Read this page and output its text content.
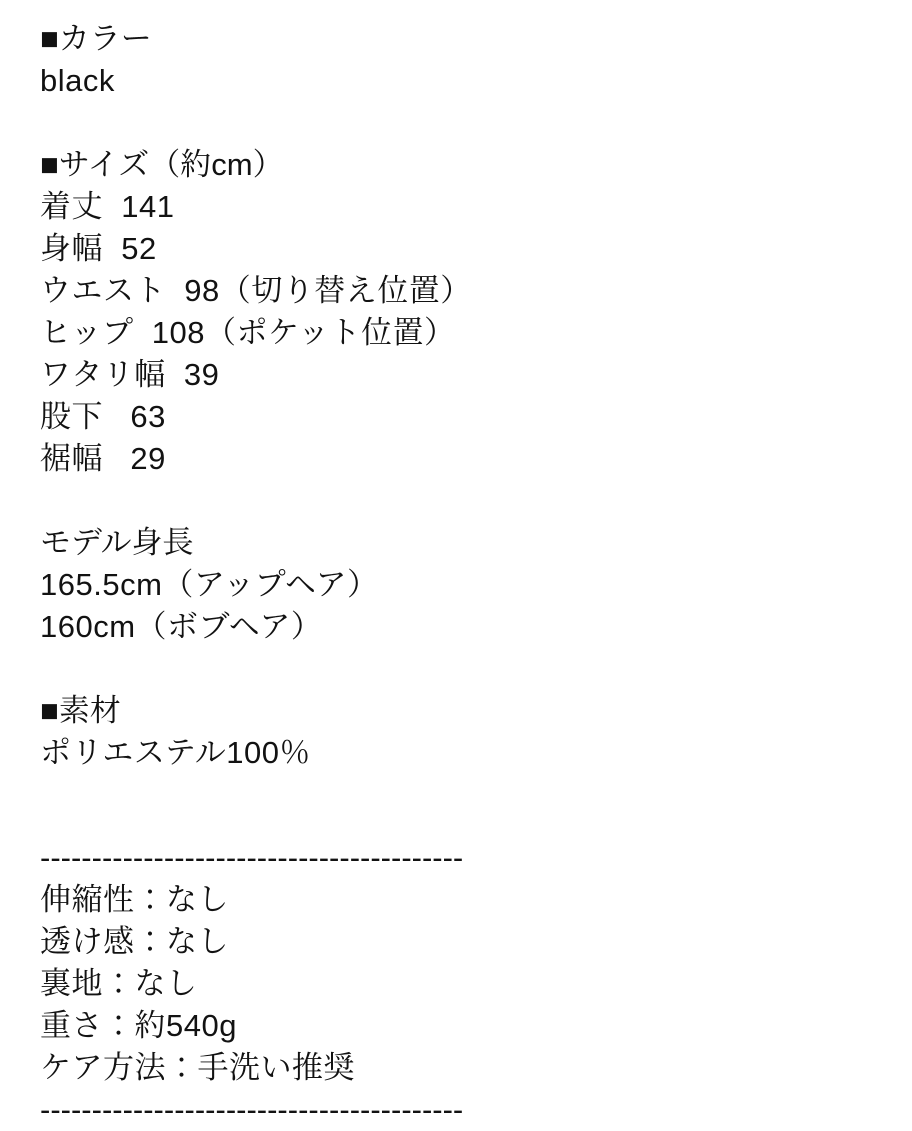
■カラー
black
■サイズ（約cm）
着丈  141
身幅  52
ウエスト  98（切り替え位置）
ヒップ  108（ポケット位置）
ワタリ幅  39
股下   63
裾幅   29
モデル身長
165.5cm（アップヘア）
160cm（ボブヘア）
■素材
ポリエステル100％
-----------------------------------------
伸縮性：なし
透け感：なし
裏地：なし
重さ：約540g
ケア方法：手洗い推奨
-----------------------------------------
